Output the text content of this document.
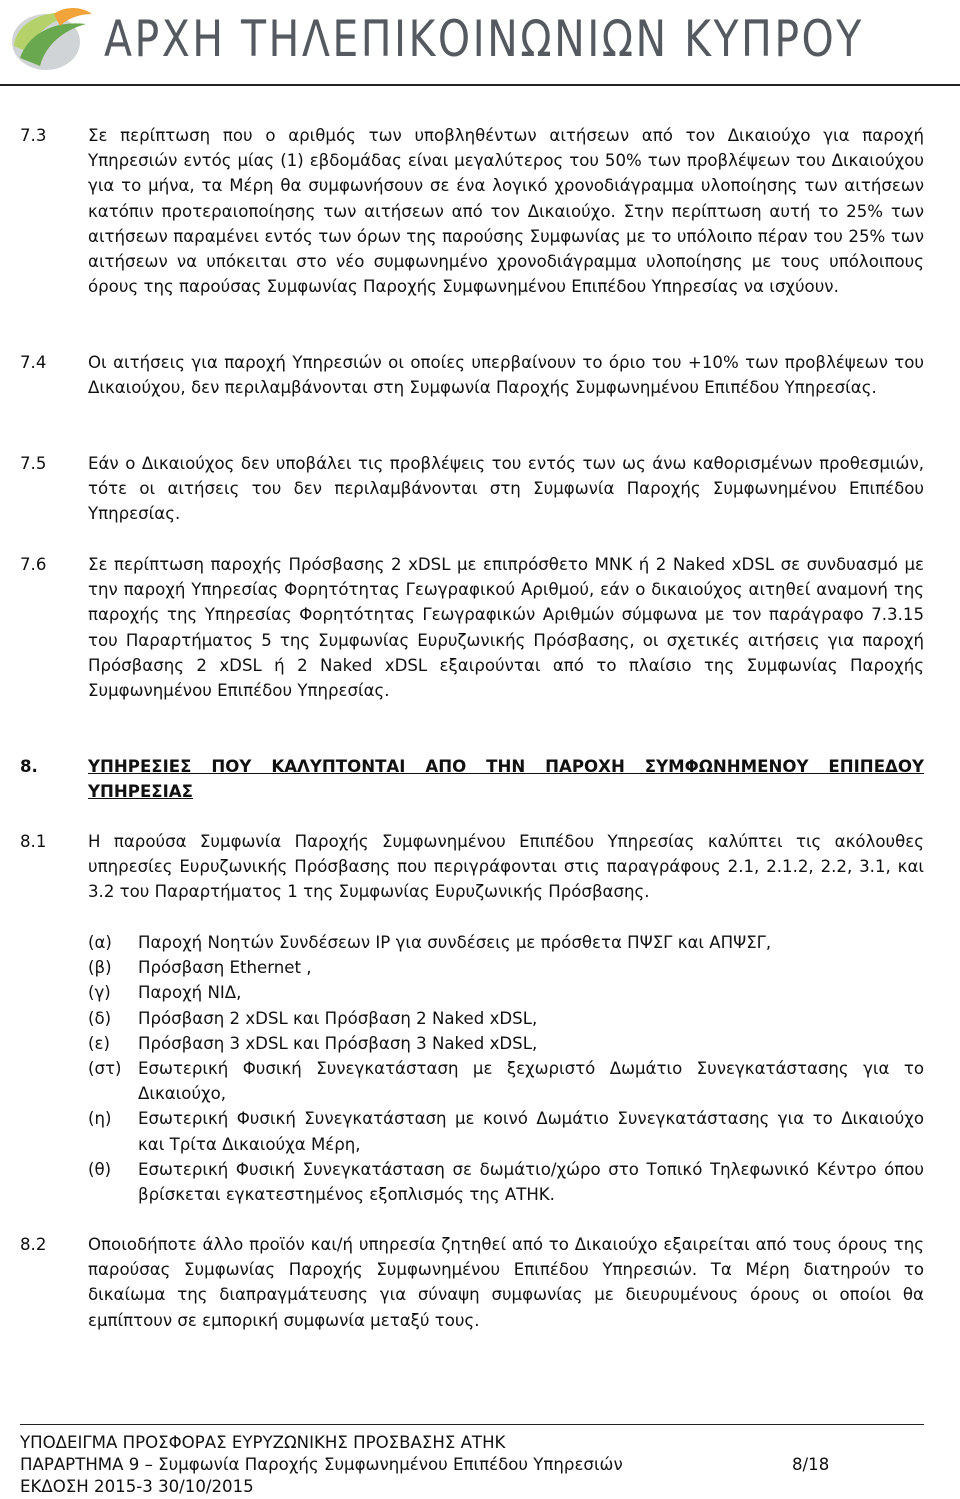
ΑΡΧΗ ΤΗΛΕΠΙΚΟΙΝΩΝΙΩΝ ΚΥΠΡΟΥ
7.3	Σε περίπτωση που ο αριθμός των υποβληθέντων αιτήσεων από τον Δικαιούχο για παροχή Υπηρεσιών εντός μίας (1) εβδομάδας είναι μεγαλύτερος του 50% των προβλέψεων του Δικαιούχου για το μήνα, τα Μέρη θα συμφωνήσουν σε ένα λογικό χρονοδιάγραμμα υλοποίησης των αιτήσεων κατόπιν προτεραιοποίησης των αιτήσεων από τον Δικαιούχο. Στην περίπτωση αυτή το 25% των αιτήσεων παραμένει εντός των όρων της παρούσης Συμφωνίας με το υπόλοιπο πέραν του 25% των αιτήσεων να υπόκειται στο νέο συμφωνημένο χρονοδιάγραμμα υλοποίησης με τους υπόλοιπους όρους της παρούσας Συμφωνίας Παροχής Συμφωνημένου Επιπέδου Υπηρεσίας να ισχύουν.
7.4	Οι αιτήσεις για παροχή Υπηρεσιών οι οποίες υπερβαίνουν το όριο του +10% των προβλέψεων του Δικαιούχου, δεν περιλαμβάνονται στη Συμφωνία Παροχής Συμφωνημένου Επιπέδου Υπηρεσίας.
7.5	Εάν ο Δικαιούχος δεν υποβάλει τις προβλέψεις του εντός των ως άνω καθορισμένων προθεσμιών, τότε οι αιτήσεις του δεν περιλαμβάνονται στη Συμφωνία Παροχής Συμφωνημένου Επιπέδου Υπηρεσίας.
7.6	Σε περίπτωση παροχής Πρόσβασης 2 xDSL με επιπρόσθετο MNK ή 2 Naked xDSL σε συνδυασμό με την παροχή Υπηρεσίας Φορητότητας Γεωγραφικού Αριθμού, εάν ο δικαιούχος αιτηθεί αναμονή της παροχής της Υπηρεσίας Φορητότητας Γεωγραφικών Αριθμών σύμφωνα με τον παράγραφο 7.3.15 του Παραρτήματος 5 της Συμφωνίας Ευρυζωνικής Πρόσβασης, οι σχετικές αιτήσεις για παροχή Πρόσβασης 2 xDSL ή 2 Naked xDSL εξαιρούνται από το πλαίσιο της Συμφωνίας Παροχής Συμφωνημένου Επιπέδου Υπηρεσίας.
8.	ΥΠΗΡΕΣΙΕΣ ΠΟΥ ΚΑΛΥΠΤΟΝΤΑΙ ΑΠΟ ΤΗΝ ΠΑΡΟΧΗ ΣΥΜΦΩΝΗΜΕΝΟΥ ΕΠΙΠΕΔΟΥ ΥΠΗΡΕΣΙΑΣ
8.1	Η παρούσα Συμφωνία Παροχής Συμφωνημένου Επιπέδου Υπηρεσίας καλύπτει τις ακόλουθες υπηρεσίες Ευρυζωνικής Πρόσβασης που περιγράφονται στις παραγράφους 2.1, 2.1.2, 2.2, 3.1, και 3.2 του Παραρτήματος 1 της Συμφωνίας Ευρυζωνικής Πρόσβασης.
(α) Παροχή Νοητών Συνδέσεων IP για συνδέσεις με πρόσθετα ΠΨΣΓ και ΑΠΨΣΓ,
(β) Πρόσβαση Ethernet ,
(γ) Παροχή ΝΙΔ,
(δ) Πρόσβαση 2 xDSL και Πρόσβαση 2 Naked xDSL,
(ε) Πρόσβαση 3 xDSL και Πρόσβαση 3 Naked xDSL,
(στ) Εσωτερική Φυσική Συνεγκατάσταση με ξεχωριστό Δωμάτιο Συνεγκατάστασης για το Δικαιούχο,
(η) Εσωτερική Φυσική Συνεγκατάσταση με κοινό Δωμάτιο Συνεγκατάστασης για το Δικαιούχο και Τρίτα Δικαιούχα Μέρη,
(θ) Εσωτερική Φυσική Συνεγκατάσταση σε δωμάτιο/χώρο στο Τοπικό Τηλεφωνικό Κέντρο όπου βρίσκεται εγκατεστημένος εξοπλισμός της ΑΤΗΚ.
8.2	Οποιοδήποτε άλλο προϊόν και/ή υπηρεσία ζητηθεί από το Δικαιούχο εξαιρείται από τους όρους της παρούσας Συμφωνίας Παροχής Συμφωνημένου Επιπέδου Υπηρεσιών. Τα Μέρη διατηρούν το δικαίωμα της διαπραγμάτευσης για σύναψη συμφωνίας με διευρυμένους όρους οι οποίοι θα εμπίπτουν σε εμπορική συμφωνία μεταξύ τους.
ΥΠΟΔΕΙΓΜΑ ΠΡΟΣΦΟΡΑΣ ΕΥΡΥΖΩΝΙΚΗΣ ΠΡΟΣΒΑΣΗΣ ΑΤΗΚ
ΠΑΡΑΡΤΗΜΑ 9 – Συμφωνία Παροχής Συμφωνημένου Επιπέδου Υπηρεσιών	8/18
ΕΚΔΟΣΗ 2015-3 30/10/2015
